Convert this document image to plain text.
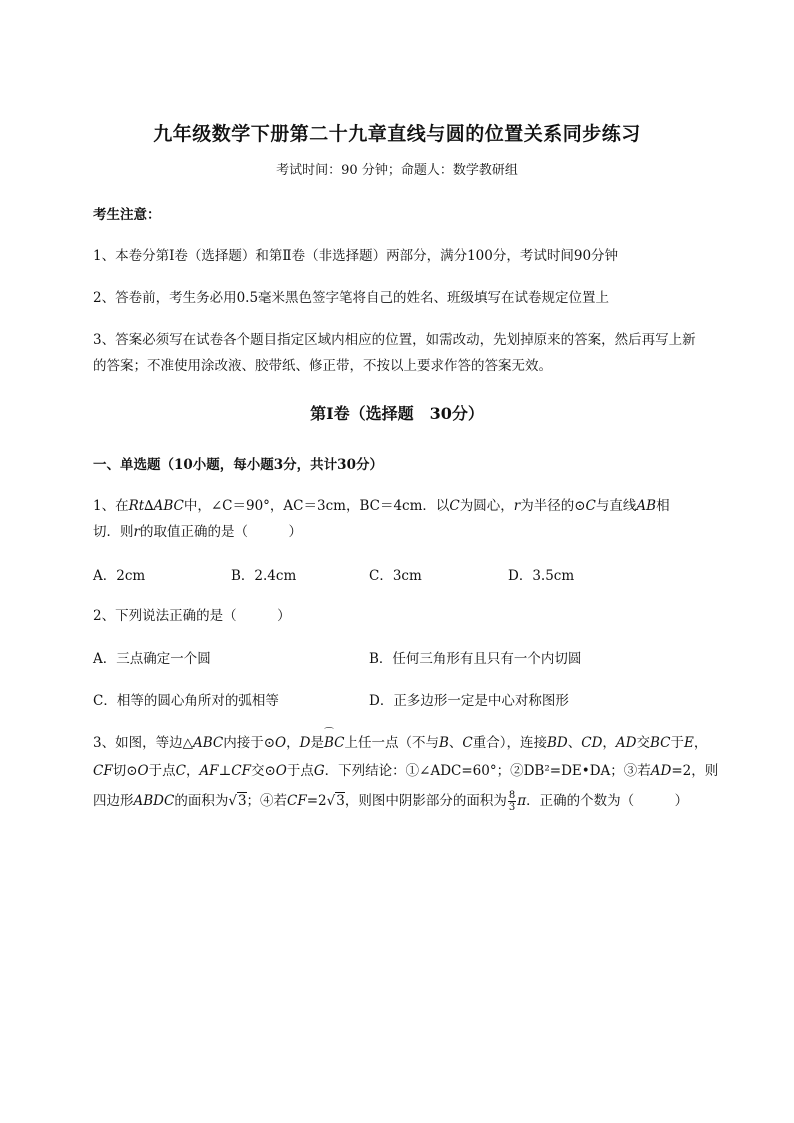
九年级数学下册第二十九章直线与圆的位置关系同步练习
考试时间：90 分钟；命题人：数学教研组
考生注意：
1、本卷分第Ⅰ卷（选择题）和第Ⅱ卷（非选择题）两部分，满分100分，考试时间90分钟
2、答卷前，考生务必用0.5毫米黑色签字笔将自己的姓名、班级填写在试卷规定位置上
3、答案必须写在试卷各个题目指定区域内相应的位置，如需改动，先划掉原来的答案，然后再写上新
的答案；不准使用涂改液、胶带纸、修正带，不按以上要求作答的答案无效。
第Ⅰ卷（选择题　30分）
一、单选题（10小题，每小题3分，共计30分）
1、在Rt∆ABC中，∠C＝90°，AC＝3cm，BC＝4cm．以C为圆心，r为半径的⊙C与直线AB相
切．则r的取值正确的是（　　　）
A．2cm	B．2.4cm	C．3cm	D．3.5cm
2、下列说法正确的是（　　　）
A．三点确定一个圆	B．任何三角形有且只有一个内切圆
C．相等的圆心角所对的弧相等	D．正多边形一定是中心对称图形
3、如图，等边△ABC内接于⊙O，D是⌒ BC上任一点（不与B、C重合），连接BD、CD，AD交BC于E，
CF切⊙O于点C，AF⊥CF交⊙O于点G．下列结论：①∠ADC=60°；②DB²=DE•DA；③若AD=2，则
四边形ABDC的面积为√3；④若CF=2√3，则图中阴影部分的面积为 $\frac{8}{3}$ π．正确的个数为（　　　）
